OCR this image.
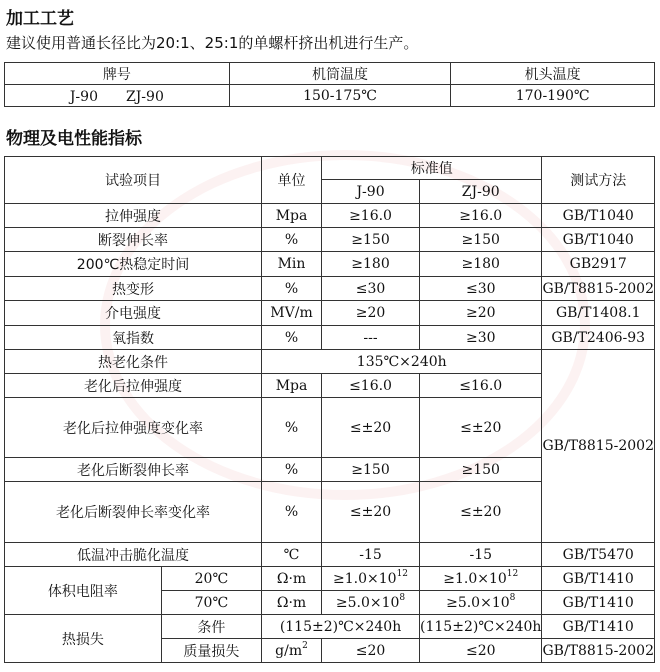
加工工艺
建议使用普通长径比为20:1、25:1的单螺杆挤出机进行生产。
牌号	机筒温度	机头温度
J-90　　ZJ-90	150-175℃	170-190℃
物理及电性能指标
试验项目		单位	标准值		测试方法
			J-90	ZJ-90	
拉伸强度		Mpa	≥16.0	≥16.0	GB/T1040
断裂伸长率		%	≥150	≥150	GB/T1040
200℃热稳定时间		Min	≥180	≥180	GB2917
热变形		%	≤30	≤30	GB/T8815-2002
介电强度		MV/m	≥20	≥20	GB/T1408.1
氧指数		%	---	≥30	GB/T2406-93
热老化条件		135℃×240h			GB/T8815-2002
老化后拉伸强度		Mpa	≤16.0	≤16.0	
老化后拉伸强度变化率		%	≤±20	≤±20	
老化后断裂伸长率		%	≥150	≥150	
老化后断裂伸长率变化率		%	≤±20	≤±20	
低温冲击脆化温度		℃	-15	-15	GB/T5470
体积电阻率	20℃	Ω·m	$\ge 1.0\times 10^{12}$	$\ge 1.0\times 10^{12}$	GB/T1410
	70℃	Ω·m	$\ge 5.0\times 10^8$	$\ge 5.0\times 10^8$	GB/T1410
热损失	条件	(115±2)℃×240h		(115±2)℃×240h	GB/T1410
	质量损失	$g/m^2$	≤20	≤20	GB/T8815-2002
